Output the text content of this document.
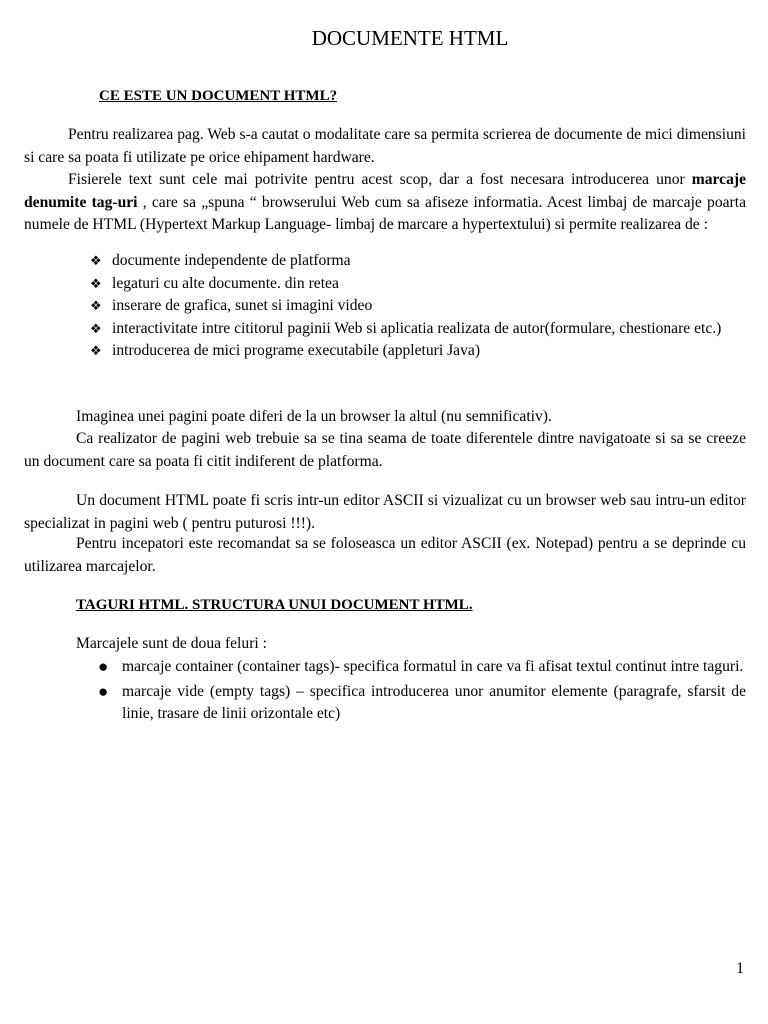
DOCUMENTE HTML
CE ESTE UN DOCUMENT HTML?

Pentru realizarea pag. Web s-a cautat o modalitate care sa permita scrierea de documente de mici dimensiuni si care sa poata fi utilizate pe orice ehipament hardware.

Fisierele text sunt cele mai potrivite pentru acest scop, dar a fost necesara introducerea unor marcaje denumite tag-uri , care sa „spuna “ browserului Web cum sa afiseze informatia. Acest limbaj de marcaje poarta numele de HTML (Hypertext Markup Language- limbaj de marcare a hypertextului) si permite realizarea de :

❖ documente independente de platforma
❖ legaturi cu alte documente. din retea
❖ inserare de grafica, sunet si imagini video
❖ interactivitate intre cititorul paginii Web si aplicatia realizata de autor(formulare, chestionare etc.)
❖ introducerea de mici programe executabile (appleturi Java)

Imaginea unei pagini poate diferi de la un browser la altul (nu semnificativ).

Ca realizator de pagini web trebuie sa se tina seama de toate diferentele dintre navigatoate si sa se creeze un document care sa poata fi citit indiferent de platforma.

Un document HTML poate fi scris intr-un editor ASCII si vizualizat cu un browser web sau intru-un editor specializat in pagini web ( pentru puturosi !!!).

Pentru incepatori este recomandat sa se foloseasca un editor ASCII (ex. Notepad) pentru a se deprinde cu utilizarea marcajelor.

TAGURI HTML. STRUCTURA UNUI DOCUMENT HTML.

Marcajele sunt de doua feluri :

● marcaje container (container tags)- specifica formatul in care va fi afisat textul continut intre taguri.
● marcaje vide (empty tags) – specifica introducerea unor anumitor elemente (paragrafe, sfarsit de linie, trasare de linii orizontale etc)
1
